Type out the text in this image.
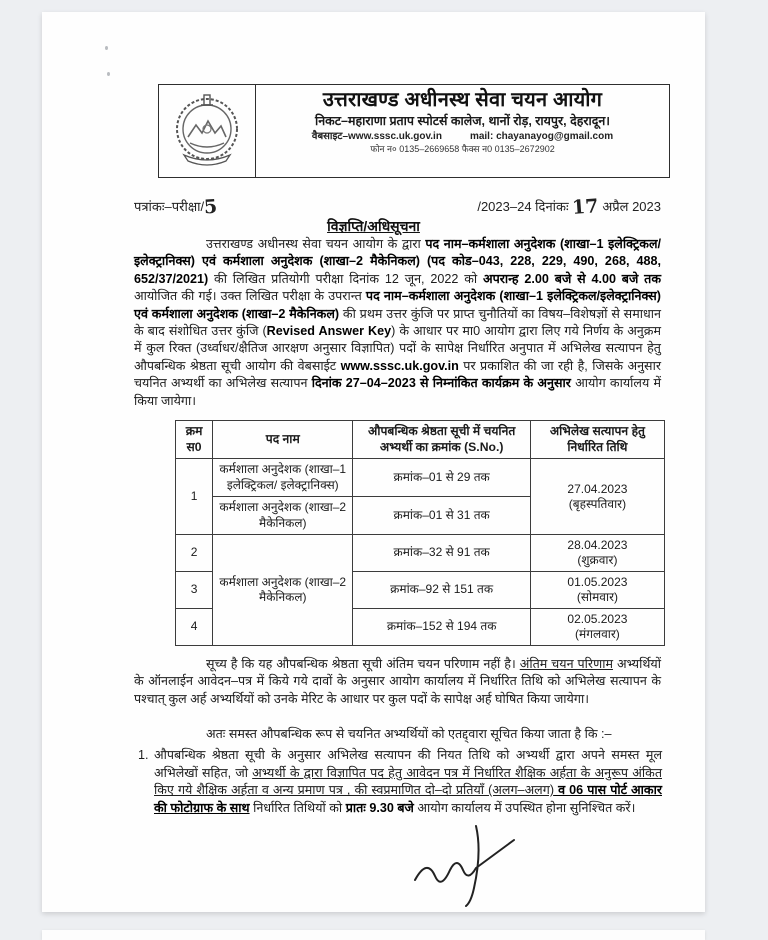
उत्तराखण्ड अधीनस्थ सेवा चयन आयोग
निकट–महाराणा प्रताप स्पोटर्स कालेज, थानों रोड़, रायपुर, देहरादून।
वैबसाइट–www.sssc.uk.gov.in	mail: chayanayog@gmail.com
फोन न० 0135–2669658 फैक्स न0 0135–2672902
पत्रांकः–परीक्षा/5	/2023–24 दिनांकः 17 अप्रैल 2023
विज्ञप्ति/अधिसूचना
उत्तराखण्ड अधीनस्थ सेवा चयन आयोग के द्वारा पद नाम–कर्मशाला अनुदेशक (शाखा–1 इलेक्ट्रिकल/इलेक्ट्रानिक्स) एवं कर्मशाला अनुदेशक (शाखा–2 मैकेनिकल) (पद कोड–043, 228, 229, 490, 268, 488, 652/37/2021) की लिखित प्रतियोगी परीक्षा दिनांक 12 जून, 2022 को अपरान्ह 2.00 बजे से 4.00 बजे तक आयोजित की गई। उक्त लिखित परीक्षा के उपरान्त पद नाम–कर्मशाला अनुदेशक (शाखा–1 इलेक्ट्रिकल/इलेक्ट्रानिक्स) एवं कर्मशाला अनुदेशक (शाखा–2 मैकेनिकल) की प्रथम उत्तर कुंजि पर प्राप्त चुनौतियों का विषय–विशेषज्ञों से समाधान के बाद संशोधित उत्तर कुंजि (Revised Answer Key) के आधार पर मा0 आयोग द्वारा लिए गये निर्णय के अनुक्रम में कुल रिक्त (उर्ध्वाधर/क्षैतिज आरक्षण अनुसार विज्ञापित) पदों के सापेक्ष निर्धारित अनुपात में अभिलेख सत्यापन हेतु औपबन्धिक श्रेष्ठता सूची आयोग की वेबसाईट www.sssc.uk.gov.in पर प्रकाशित की जा रही है, जिसके अनुसार चयनित अभ्यर्थी का अभिलेख सत्यापन दिनांक 27–04–2023 से निम्नांकित कार्यक्रम के अनुसार आयोग कार्यालय में किया जायेगा।
क्रम स0	पद नाम	औपबन्धिक श्रेष्ठता सूची में चयनित अभ्यर्थी का क्रमांक (S.No.)	अभिलेख सत्यापन हेतु निर्धारित तिथि
1	कर्मशाला अनुदेशक (शाखा–1 इलेक्ट्रिकल/ इलेक्ट्रानिक्स)	क्रमांक–01 से 29 तक	27.04.2023
(बृहस्पतिवार)

	कर्मशाला अनुदेशक (शाखा–2 मैकेनिकल)	क्रमांक–01 से 31 तक	
2	कर्मशाला अनुदेशक (शाखा–2 मैकेनिकल)	क्रमांक–32 से 91 तक	28.04.2023
(शुक्रवार)

3		क्रमांक–92 से 151 तक	01.05.2023
(सोमवार)

4		क्रमांक–152 से 194 तक	02.05.2023
(मंगलवार)
सूच्य है कि यह औपबन्धिक श्रेष्ठता सूची अंतिम चयन परिणाम नहीं है। अंतिम चयन परिणाम अभ्यर्थियों के ऑनलाईन आवेदन–पत्र में किये गये दावों के अनुसार आयोग कार्यालय में निर्धारित तिथि को अभिलेख सत्यापन के पश्चात् कुल अर्ह अभ्यर्थियों को उनके मेरिट के आधार पर कुल पदों के सापेक्ष अर्ह घोषित किया जायेगा।
अतः समस्त औपबन्धिक रूप से चयनित अभ्यर्थियों को एतद्द्वारा सूचित किया जाता है कि :–
1. औपबन्धिक श्रेष्ठता सूची के अनुसार अभिलेख सत्यापन की नियत तिथि को अभ्यर्थी द्वारा अपने समस्त मूल अभिलेखों सहित, जो अभ्यर्थी के द्वारा विज्ञापित पद हेतु आवेदन पत्र में निर्धारित शैक्षिक अर्हता के अनुरूप अंकित किए गये शैक्षिक अर्हता व अन्य प्रमाण पत्र , की स्वप्रमाणित दो–दो प्रतियाँ (अलग–अलग) व 06 पास पोर्ट आकार की फोटोग्राफ के साथ निर्धारित तिथियों को प्रातः 9.30 बजे आयोग कार्यालय में उपस्थित होना सुनिश्चित करें।
